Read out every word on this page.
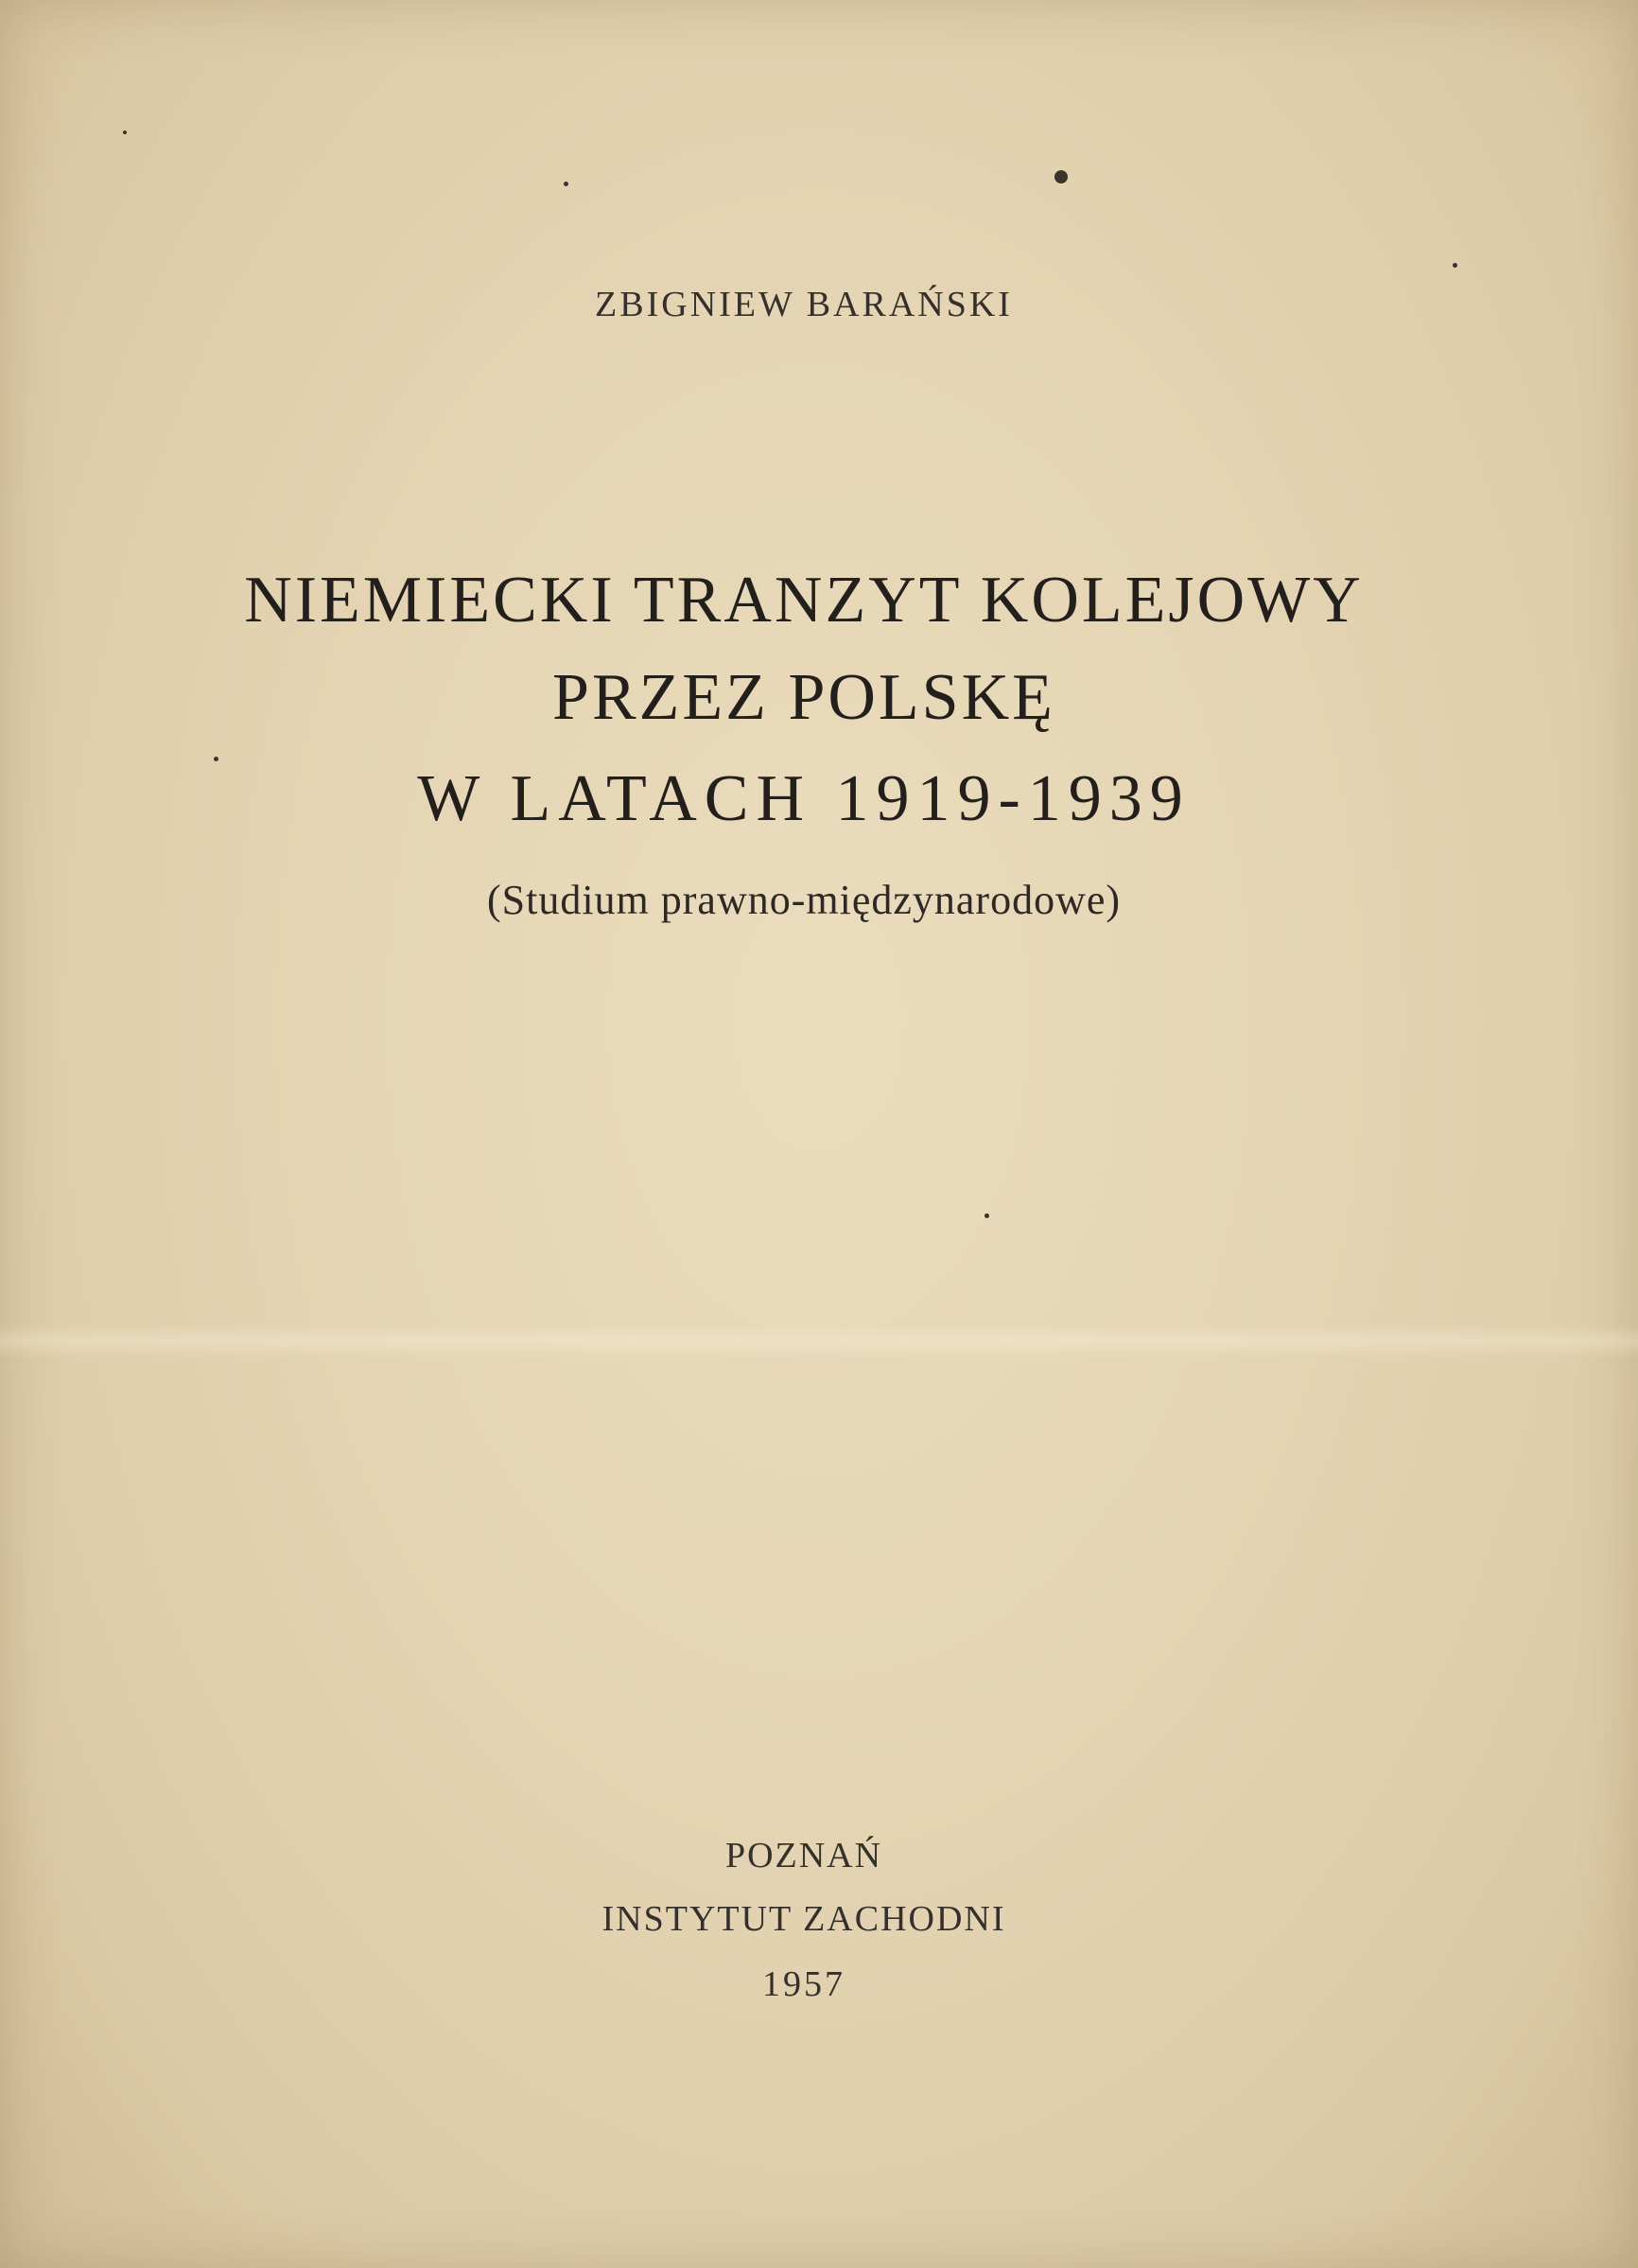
ZBIGNIEW BARAŃSKI
NIEMIECKI TRANZYT KOLEJOWY
PRZEZ POLSKĘ
W LATACH 1919-1939
(Studium prawno-międzynarodowe)
POZNAŃ
INSTYTUT ZACHODNI
1957
